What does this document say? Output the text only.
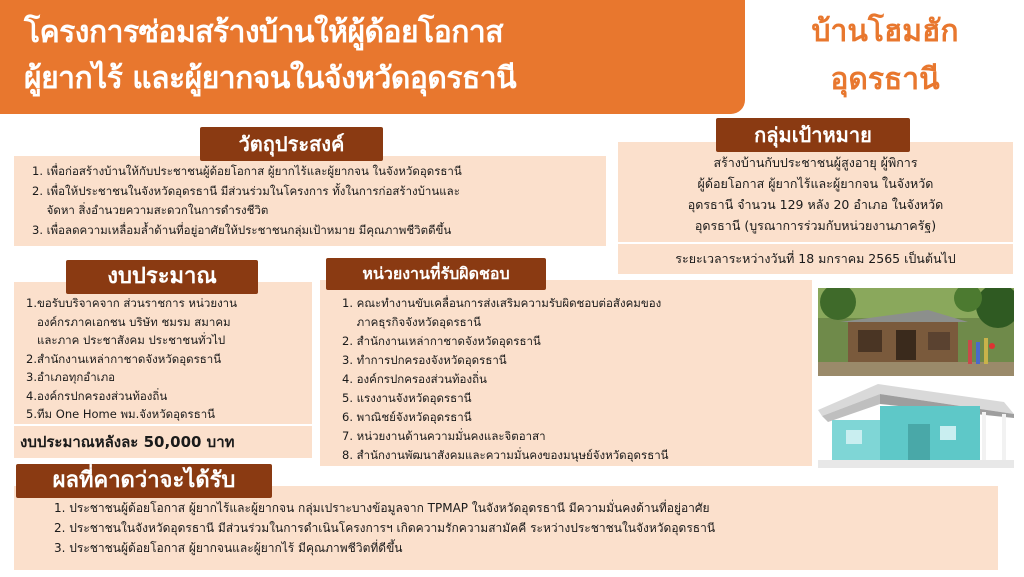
โครงการซ่อมสร้างบ้านให้ผู้ด้อยโอกาส
ผู้ยากไร้ และผู้ยากจนในจังหวัดอุดรธานี
บ้านโฮมฮัก
อุดรธานี
1. เพื่อก่อสร้างบ้านให้กับประชาชนผู้ด้อยโอกาส ผู้ยากไร้และผู้ยากจน ในจังหวัดอุดรธานี
2. เพื่อให้ประชาชนในจังหวัดอุดรธานี มีส่วนร่วมในโครงการ ทั้งในการก่อสร้างบ้านและ
จัดหา สิ่งอำนวยความสะดวกในการดำรงชีวิต
3. เพื่อลดความเหลื่อมล้ำด้านที่อยู่อาศัยให้ประชาชนกลุ่มเป้าหมาย มีคุณภาพชีวิตดีขึ้น
วัตถุประสงค์
สร้างบ้านกับประชาชนผู้สูงอายุ ผู้พิการ
ผู้ด้อยโอกาส ผู้ยากไร้และผู้ยากจน ในจังหวัด
อุดรธานี จำนวน 129 หลัง 20 อำเภอ ในจังหวัด
อุดรธานี (บูรณาการร่วมกับหน่วยงานภาครัฐ)
กลุ่มเป้าหมาย
ระยะเวลาระหว่างวันที่ 18 มกราคม 2565 เป็นต้นไป
1.ขอรับบริจาคจาก ส่วนราชการ หน่วยงาน
องค์กรภาคเอกชน บริษัท ชมรม สมาคม
และภาค ประชาสังคม ประชาชนทั่วไป
2.สำนักงานเหล่ากาชาดจังหวัดอุดรธานี
3.อำเภอทุกอำเภอ
4.องค์กรปกครองส่วนท้องถิ่น
5.ทีม One Home พม.จังหวัดอุดรธานี
งบประมาณ
งบประมาณหลังละ 50,000 บาท
1. คณะทำงานขับเคลื่อนการส่งเสริมความรับผิดชอบต่อสังคมของ
ภาคธุรกิจจังหวัดอุดรธานี
2. สำนักงานเหล่ากาชาดจังหวัดอุดรธานี
3. ทำการปกครองจังหวัดอุดรธานี
4. องค์กรปกครองส่วนท้องถิ่น
5. แรงงานจังหวัดอุดรธานี
6. พาณิชย์จังหวัดอุดรธานี
7. หน่วยงานด้านความมั่นคงและจิตอาสา
8. สำนักงานพัฒนาสังคมและความมั่นคงของมนุษย์จังหวัดอุดรธานี
หน่วยงานที่รับผิดชอบ
1. ประชาชนผู้ด้อยโอกาส ผู้ยากไร้และผู้ยากจน กลุ่มเปราะบางข้อมูลจาก TPMAP ในจังหวัดอุดรธานี มีความมั่นคงด้านที่อยู่อาศัย
2. ประชาชนในจังหวัดอุดรธานี มีส่วนร่วมในการดำเนินโครงการฯ เกิดความรักความสามัคคี ระหว่างประชาชนในจังหวัดอุดรธานี
3. ประชาชนผู้ด้อยโอกาส ผู้ยากจนและผู้ยากไร้ มีคุณภาพชีวิตที่ดีขึ้น
ผลที่คาดว่าจะได้รับ
